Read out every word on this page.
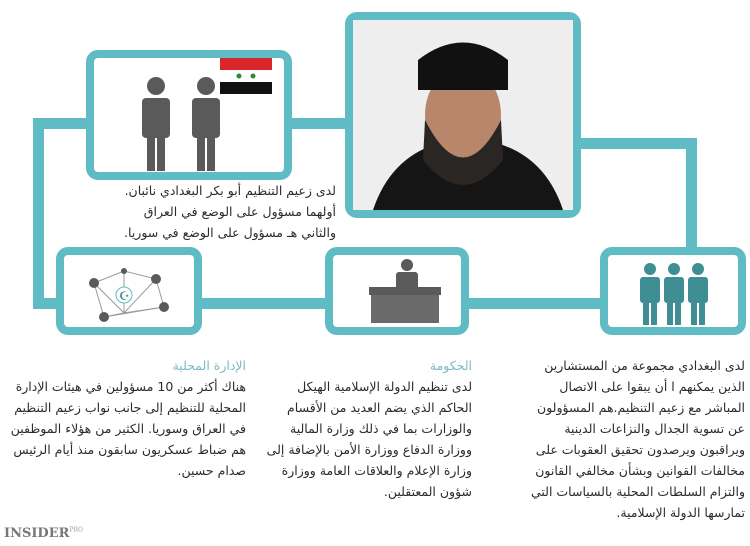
لدى زعيم التنظيم أبو بكر البغدادي نائبان. أولهما مسؤول على الوضع في العراق والثاني هـ مسؤول على الوضع في سوريا.
☪
الإدارة المحلية
هناك أكثر من 10 مسؤولين في هيئات الإدارة المحلية للتنظيم إلى جانب نواب زعيم التنظيم في العراق وسوريا. الكثير من هؤلاء الموظفين هم ضباط عسكريون سابقون منذ أيام الرئيس صدام حسين.
الحكومة
لدى تنظيم الدولة الإسلامية الهيكل الحاكم الذي يضم العديد من الأقسام والوزارات بما في ذلك وزارة المالية ووزارة الدفاع ووزارة الأمن بالإضافة إلى وزارة الإعلام والعلاقات العامة ووزارة شؤون المعتقلين.
لدى البغدادي مجموعة من المستشارين الذين يمكنهم ا أن يبقوا على الاتصال المباشر مع زعيم التنظيم.هم المسؤولون عن تسوية الجدال والنزاعات الدينية ويراقبون ويرصدون تحقيق العقوبات على مخالفات القوانين وبشأن مخالفي القانون والتزام السلطات المحلية بالسياسات التي تمارسها الدولة الإسلامية.
$INSIDER^{PRO}$
